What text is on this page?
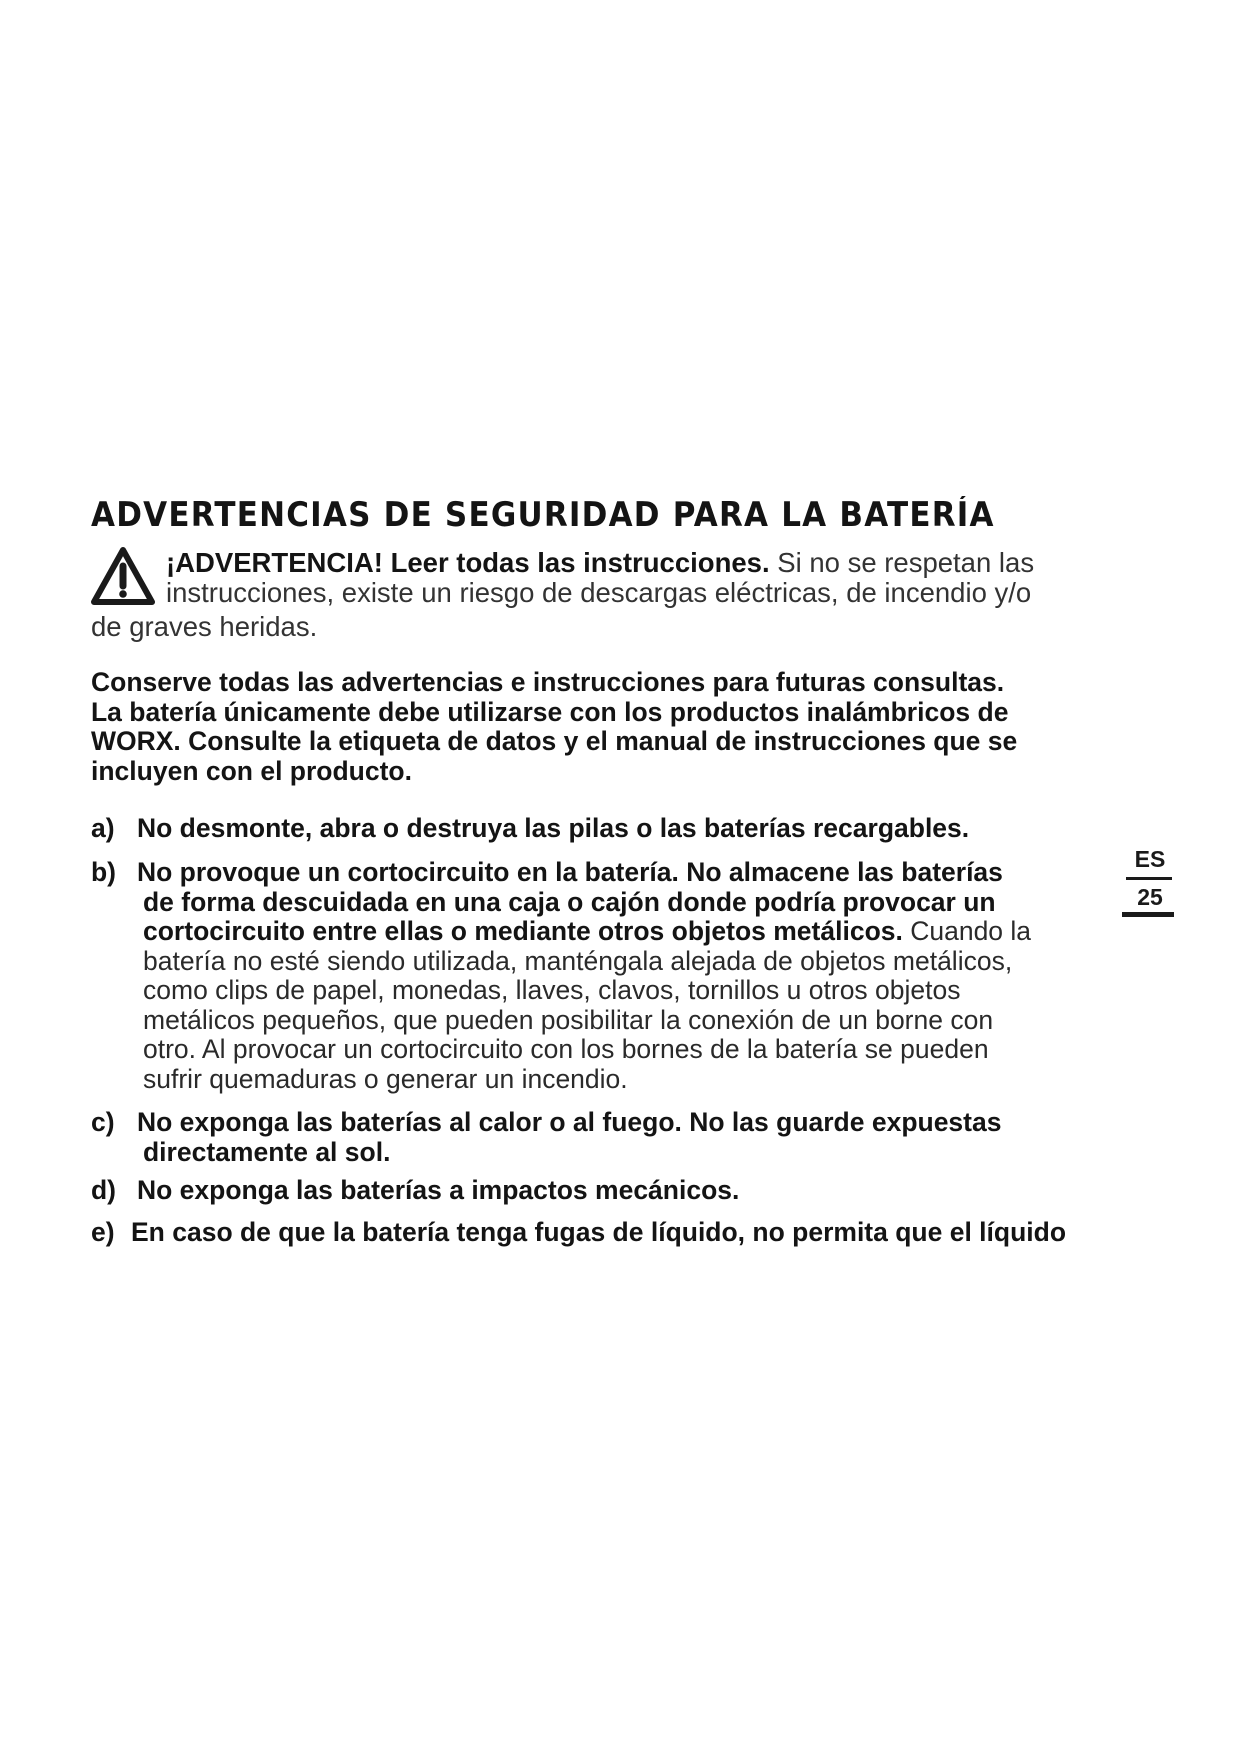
ADVERTENCIAS DE SEGURIDAD PARA LA BATERÍA
¡ADVERTENCIA! Leer todas las instrucciones. Si no se respetan las
instrucciones, existe un riesgo de descargas eléctricas, de incendio y/o
de graves heridas.

Conserve todas las advertencias e instrucciones para futuras consultas.
La batería únicamente debe utilizarse con los productos inalámbricos de
WORX. Consulte la etiqueta de datos y el manual de instrucciones que se
incluyen con el producto.

a) No desmonte, abra o destruya las pilas o las baterías recargables.
b) No provoque un cortocircuito en la batería. No almacene las baterías
de forma descuidada en una caja o cajón donde podría provocar un
cortocircuito entre ellas o mediante otros objetos metálicos. Cuando la
batería no esté siendo utilizada, manténgala alejada de objetos metálicos,
como clips de papel, monedas, llaves, clavos, tornillos u otros objetos
metálicos pequeños, que pueden posibilitar la conexión de un borne con
otro. Al provocar un cortocircuito con los bornes de la batería se pueden
sufrir quemaduras o generar un incendio.
c) No exponga las baterías al calor o al fuego. No las guarde expuestas
directamente al sol.
d) No exponga las baterías a impactos mecánicos.
e) En caso de que la batería tenga fugas de líquido, no permita que el líquido
ES
25
